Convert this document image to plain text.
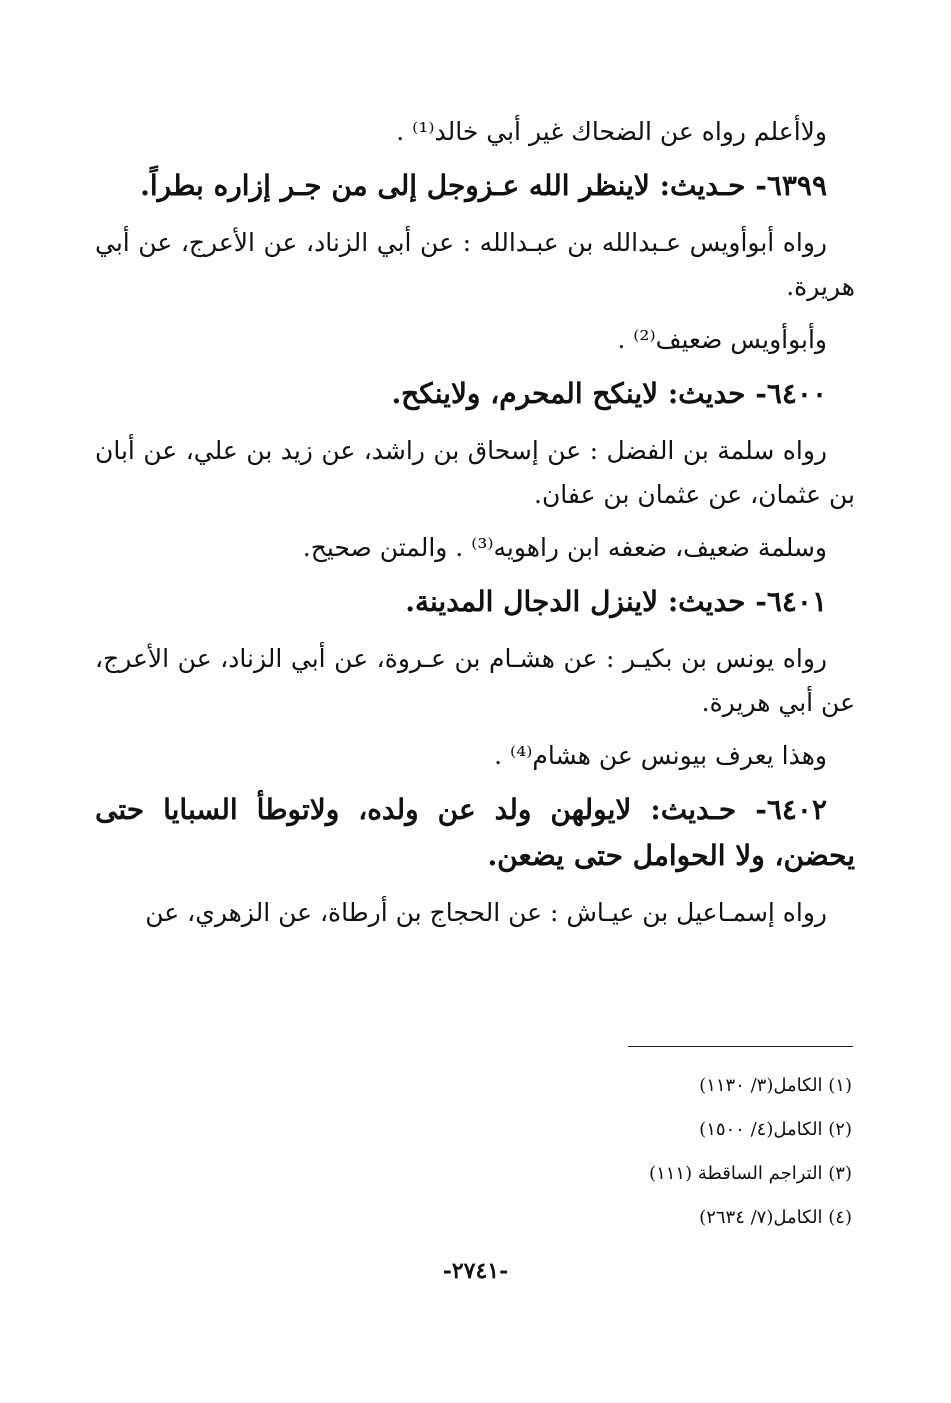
ولاأعلم رواه عن الضحاك غير أبي خالد⁽¹⁾ .

٦٣٩٩- حـديث: لاينظر الله عـزوجل إلى من جـر إزاره بطراً.

رواه أبوأويس عـبدالله بن عبـدالله : عن أبي الزناد، عن الأعرج، عن أبي هريرة.

وأبوأويس ضعيف⁽²⁾ .

٦٤٠٠- حديث: لاينكح المحرم، ولاينكح.

رواه سلمة بن الفضل : عن إسحاق بن راشد، عن زيد بن علي، عن أبان بن عثمان، عن عثمان بن عفان.

وسلمة ضعيف، ضعفه ابن راهويه⁽³⁾ . والمتن صحيح.

٦٤٠١- حديث: لاينزل الدجال المدينة.

رواه يونس بن بكيـر : عن هشـام بن عـروة، عن أبي الزناد، عن الأعرج، عن أبي هريرة.

وهذا يعرف بيونس عن هشام⁽⁴⁾ .

٦٤٠٢- حـديث: لايولهن ولد عن ولده، ولاتوطأ السبايا حتى يحضن، ولا الحوامل حتى يضعن.

رواه إسمـاعيل بن عيـاش : عن الحجاج بن أرطاة، عن الزهري، عن

(١) الكامل(٣/ ١١٣٠)

(٢) الكامل(٤/ ١٥٠٠)

(٣) التراجم الساقطة (١١١)

(٤) الكامل(٧/ ٢٦٣٤)

-٢٧٤١-
